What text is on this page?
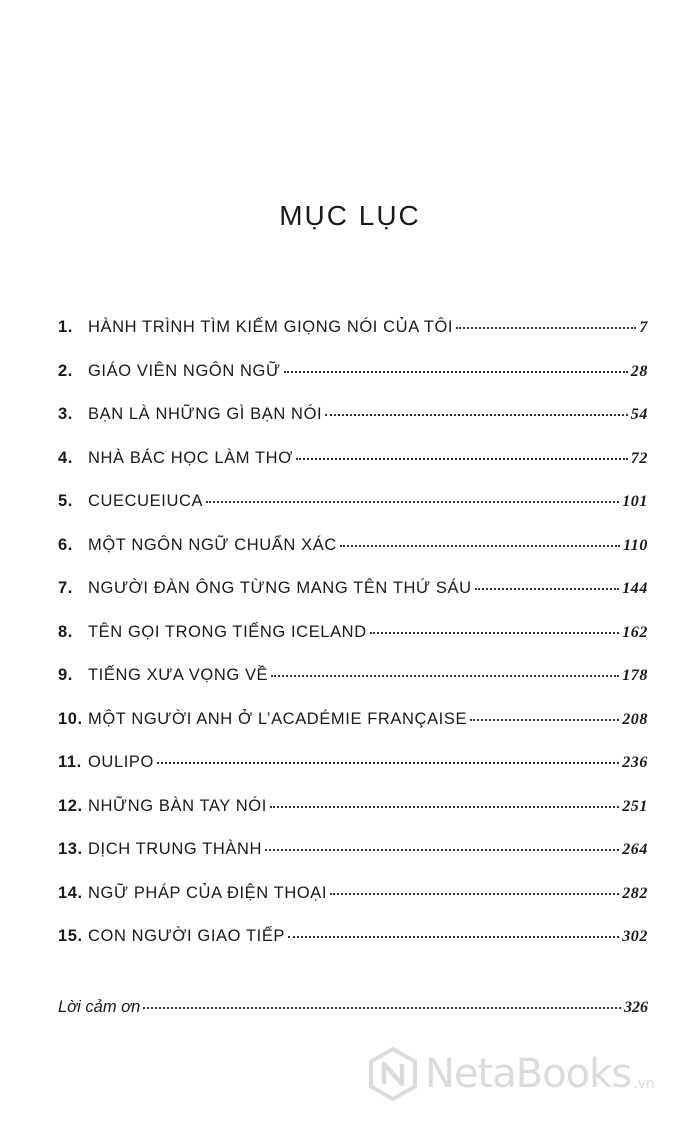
MỤC LỤC
1. HÀNH TRÌNH TÌM KIẾM GIỌNG NÓI CỦA TÔI	7
2. GIÁO VIÊN NGÔN NGỮ	28
3. BẠN LÀ NHỮNG GÌ BẠN NÓI	54
4. NHÀ BÁC HỌC LÀM THƠ	72
5. CUECUEIUCA	101
6. MỘT NGÔN NGỮ CHUẨN XÁC	110
7. NGƯỜI ĐÀN ÔNG TỪNG MANG TÊN THỨ SÁU	144
8. TÊN GỌI TRONG TIẾNG ICELAND	162
9. TIẾNG XƯA VỌNG VỀ	178
10. MỘT NGƯỜI ANH Ở L’ACADÉMIE FRANÇAISE	208
11. OULIPO	236
12. NHỮNG BÀN TAY NÓI	251
13. DỊCH TRUNG THÀNH	264
14. NGỮ PHÁP CỦA ĐIỆN THOẠI	282
15. CON NGƯỜI GIAO TIẾP	302
Lời cảm ơn	326
NetaBooks .vn
